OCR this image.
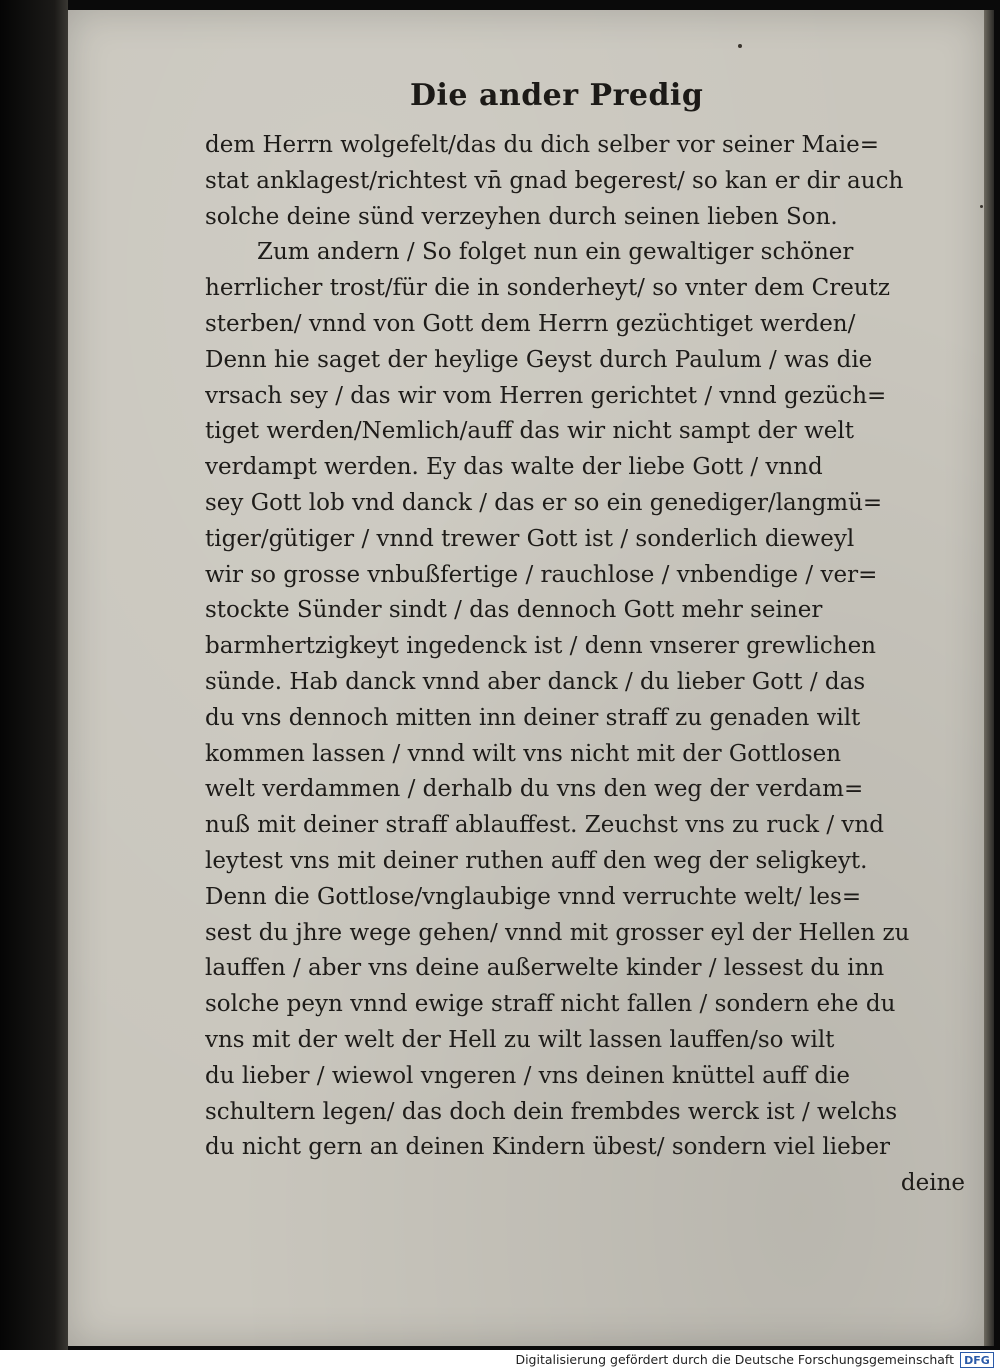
Die ander Predig
dem Herrn wolgefelt/das du dich selber vor seiner Maie=
stat anklagest/richtest vn̄ gnad begerest/ so kan er dir auch
solche deine sünd verzeyhen durch seinen lieben Son.
Zum andern / So folget nun ein gewaltiger schöner
herrlicher trost/für die in sonderheyt/ so vnter dem Creutz
sterben/ vnnd von Gott dem Herrn gezüchtiget werden/
Denn hie saget der heylige Geyst durch Paulum / was die
vrsach sey / das wir vom Herren gerichtet / vnnd gezüch=
tiget werden/Nemlich/auff das wir nicht sampt der welt
verdampt werden. Ey das walte der liebe Gott / vnnd
sey Gott lob vnd danck / das er so ein genediger/langmü=
tiger/gütiger / vnnd trewer Gott ist / sonderlich dieweyl
wir so grosse vnbußfertige / rauchlose / vnbendige / ver=
stockte Sünder sindt / das dennoch Gott mehr seiner
barmhertzigkeyt ingedenck ist / denn vnserer grewlichen
sünde. Hab danck vnnd aber danck / du lieber Gott / das
du vns dennoch mitten inn deiner straff zu genaden wilt
kommen lassen / vnnd wilt vns nicht mit der Gottlosen
welt verdammen / derhalb du vns den weg der verdam=
nuß mit deiner straff ablauffest. Zeuchst vns zu ruck / vnd
leytest vns mit deiner ruthen auff den weg der seligkeyt.
Denn die Gottlose/vnglaubige vnnd verruchte welt/ les=
sest du jhre wege gehen/ vnnd mit grosser eyl der Hellen zu
lauffen / aber vns deine außerwelte kinder / lessest du inn
solche peyn vnnd ewige straff nicht fallen / sondern ehe du
vns mit der welt der Hell zu wilt lassen lauffen/so wilt
du lieber / wiewol vngeren / vns deinen knüttel auff die
schultern legen/ das doch dein frembdes werck ist / welchs
du nicht gern an deinen Kindern übest/ sondern viel lieber
deine
Digitalisierung gefördert durch die Deutsche Forschungsgemeinschaft DFG
